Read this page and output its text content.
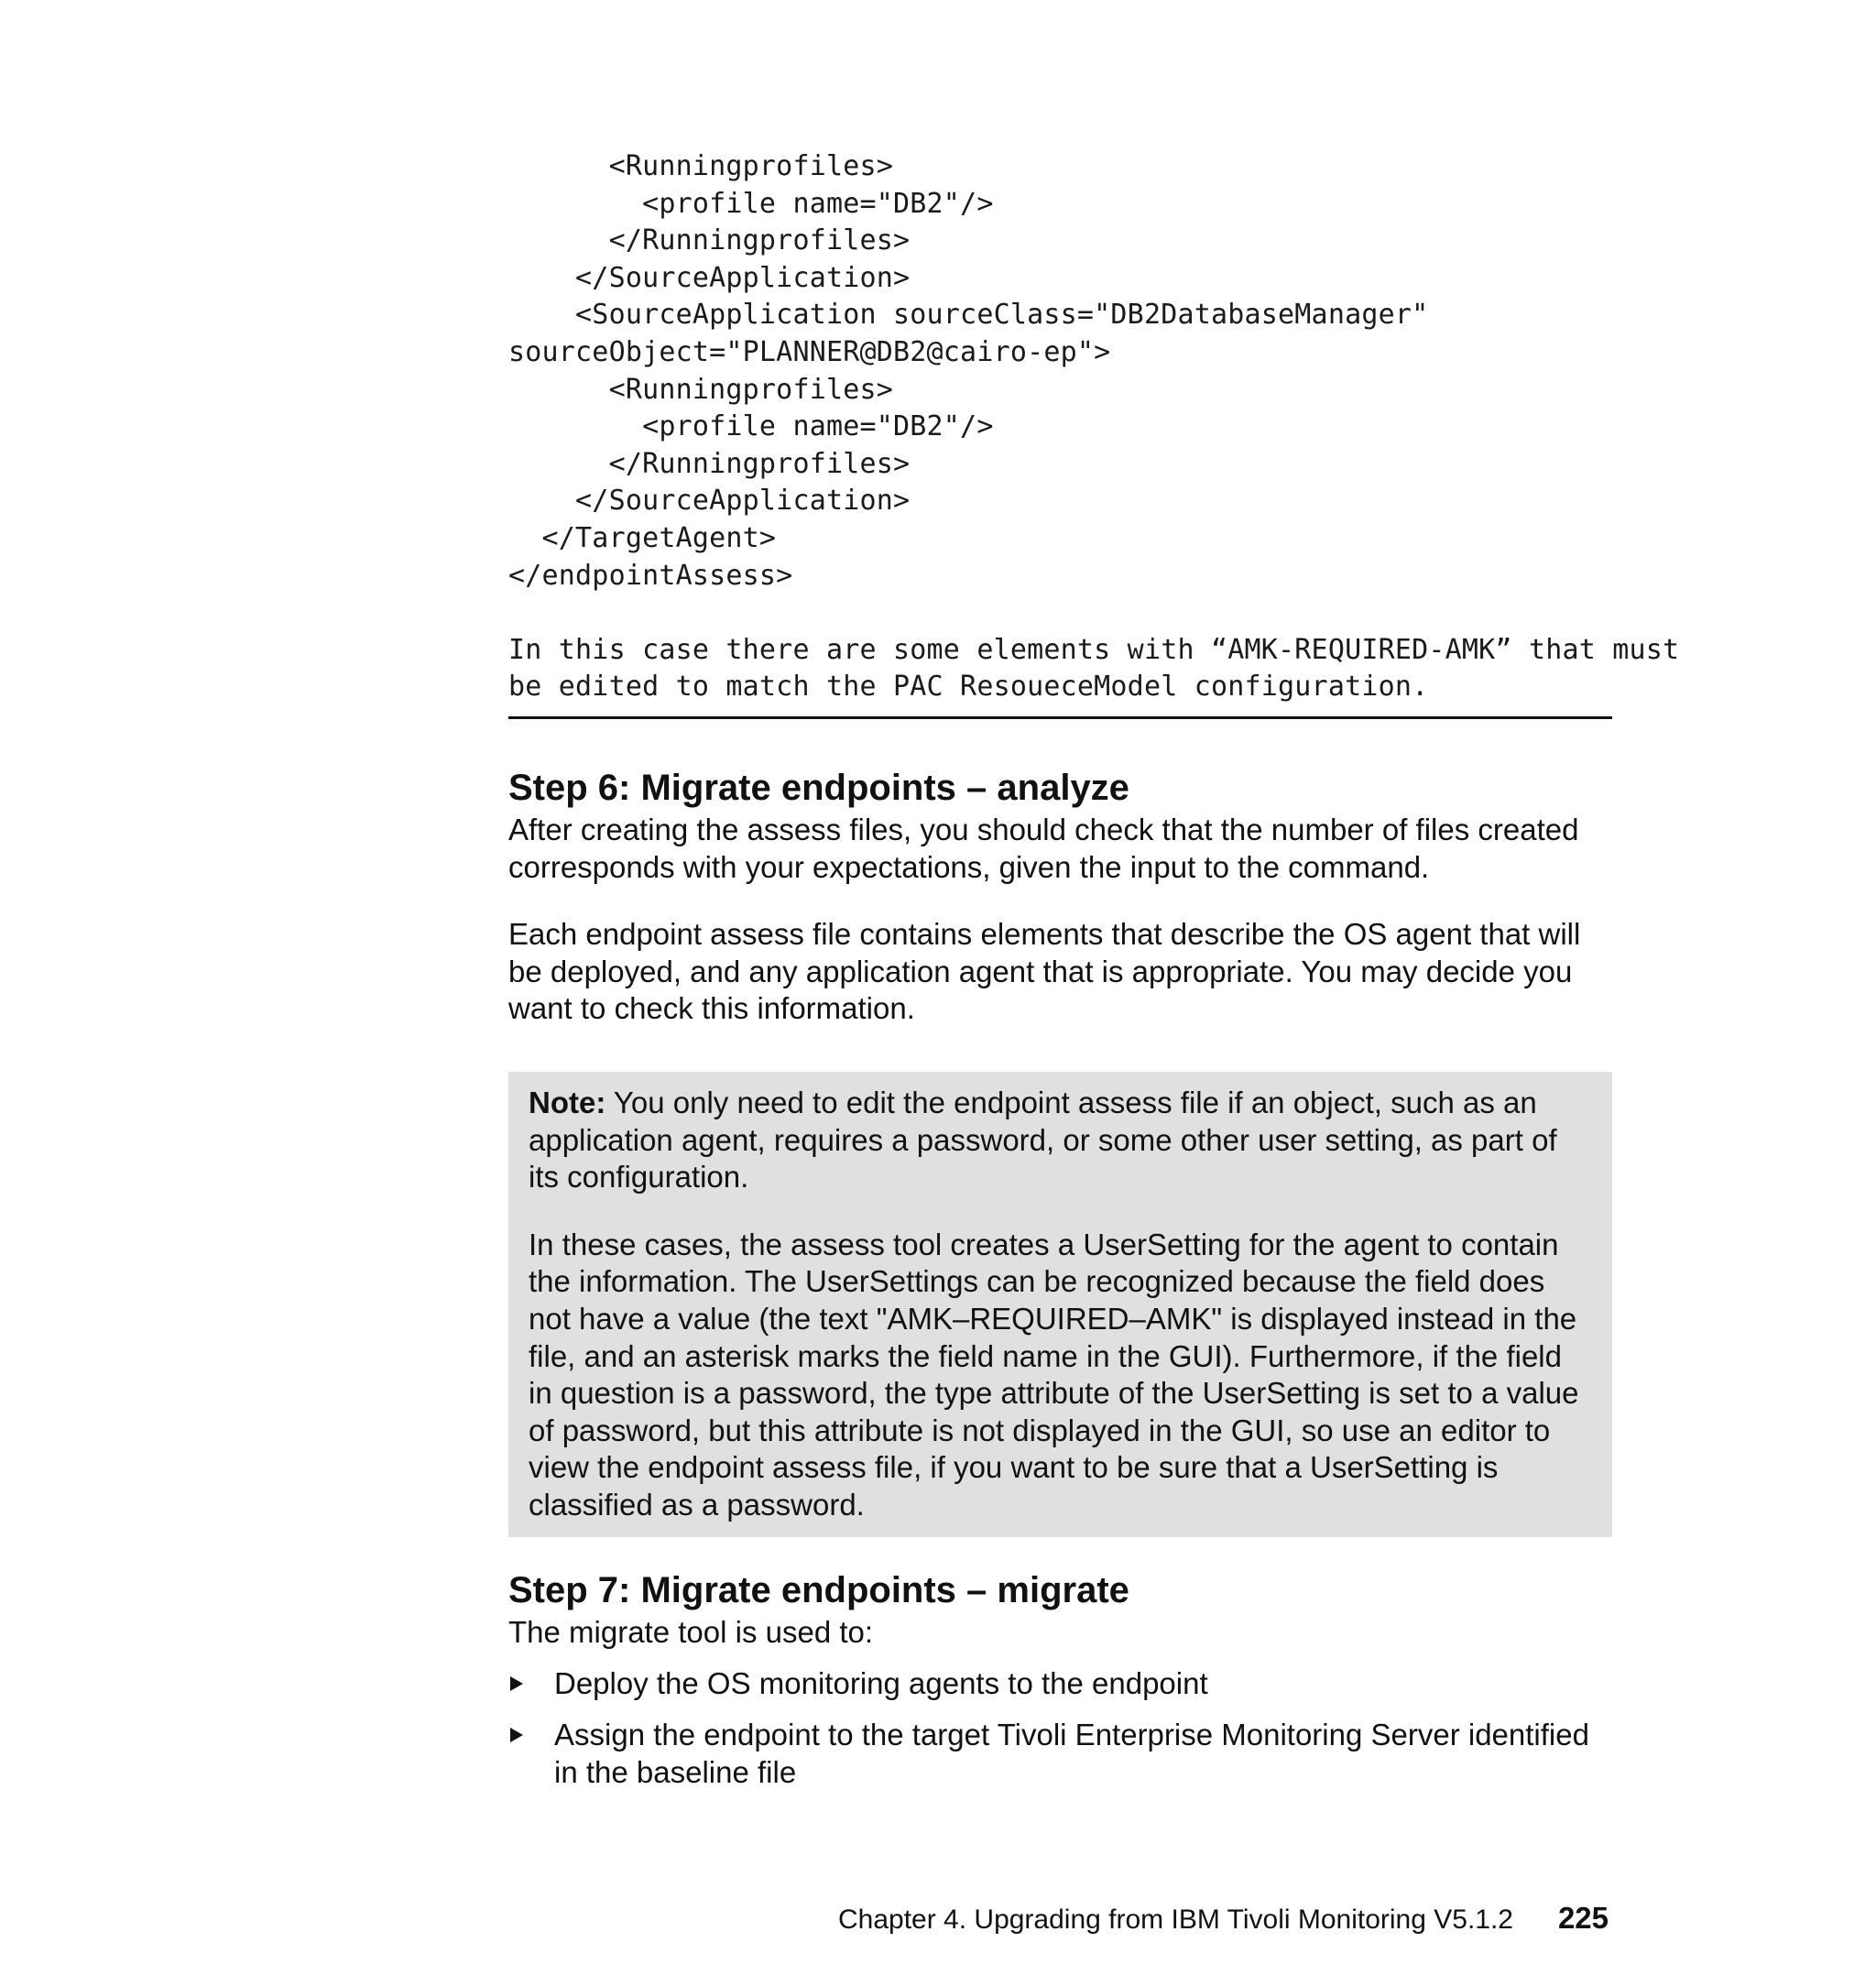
<Runningprofiles>
<profile name="DB2"/>
</Runningprofiles>
</SourceApplication>
<SourceApplication sourceClass="DB2DatabaseManager"
sourceObject="PLANNER@DB2@cairo-ep">
<Runningprofiles>
<profile name="DB2"/>
</Runningprofiles>
</SourceApplication>
</TargetAgent>
</endpointAssess>

In this case there are some elements with “AMK-REQUIRED-AMK” that must
be edited to match the PAC ResoueceModel configuration.
Step 6: Migrate endpoints – analyze

After creating the assess files, you should check that the number of files created corresponds with your expectations, given the input to the command.

Each endpoint assess file contains elements that describe the OS agent that will be deployed, and any application agent that is appropriate. You may decide you want to check this information.

Note: You only need to edit the endpoint assess file if an object, such as an application agent, requires a password, or some other user setting, as part of its configuration.

In these cases, the assess tool creates a UserSetting for the agent to contain the information. The UserSettings can be recognized because the field does not have a value (the text "AMK–REQUIRED–AMK" is displayed instead in the file, and an asterisk marks the field name in the GUI). Furthermore, if the field in question is a password, the type attribute of the UserSetting is set to a value of password, but this attribute is not displayed in the GUI, so use an editor to view the endpoint assess file, if you want to be sure that a UserSetting is classified as a password.

Step 7: Migrate endpoints – migrate

The migrate tool is used to:

Deploy the OS monitoring agents to the endpoint
Assign the endpoint to the target Tivoli Enterprise Monitoring Server identified in the baseline file
Chapter 4. Upgrading from IBM Tivoli Monitoring V5.1.2 225
